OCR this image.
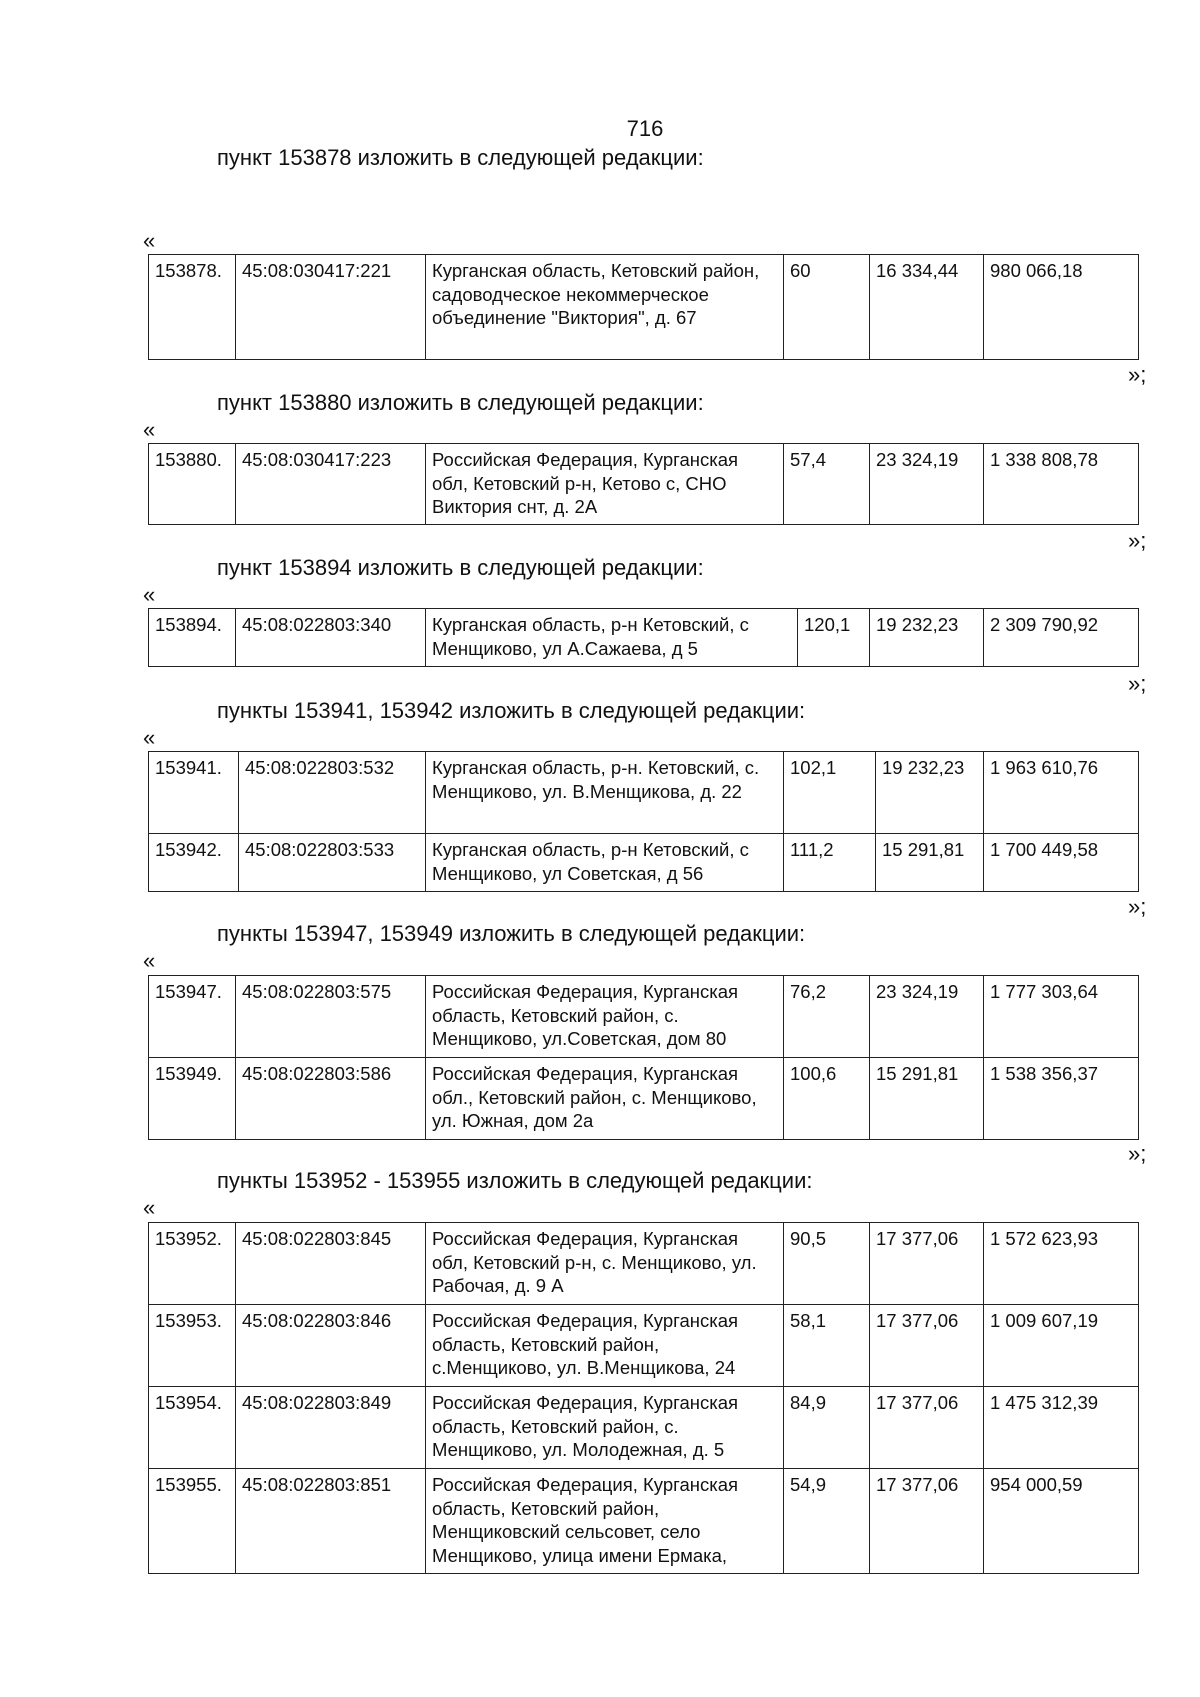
716
пункт 153878 изложить в следующей редакции:
«
153878.	45:08:030417:221	Курганская область, Кетовский район, садоводческое некоммерческое объединение "Виктория", д. 67	60	16 334,44	980 066,18
»;
пункт 153880 изложить в следующей редакции:
«
153880.	45:08:030417:223	Российская Федерация, Курганская обл, Кетовский р-н, Кетово с, СНО Виктория снт, д. 2А	57,4	23 324,19	1 338 808,78
»;
пункт 153894 изложить в следующей редакции:
«
153894.	45:08:022803:340	Курганская область, р-н Кетовский, с Менщиково, ул А.Сажаева, д 5	120,1	19 232,23	2 309 790,92
»;
пункты 153941, 153942 изложить в следующей редакции:
«
153941.	45:08:022803:532	Курганская область, р-н. Кетовский, с. Менщиково, ул. В.Менщикова, д. 22	102,1	19 232,23	1 963 610,76
153942.	45:08:022803:533	Курганская область, р-н Кетовский, с Менщиково, ул Советская, д 56	111,2	15 291,81	1 700 449,58
»;
пункты 153947, 153949 изложить в следующей редакции:
«
153947.	45:08:022803:575	Российская Федерация, Курганская область, Кетовский район, с. Менщиково, ул.Советская, дом 80	76,2	23 324,19	1 777 303,64
153949.	45:08:022803:586	Российская Федерация, Курганская обл., Кетовский район, с. Менщиково, ул. Южная, дом 2а	100,6	15 291,81	1 538 356,37
»;
пункты 153952 - 153955 изложить в следующей редакции:
«
153952.	45:08:022803:845	Российская Федерация, Курганская обл, Кетовский р-н, с. Менщиково, ул. Рабочая, д. 9 А	90,5	17 377,06	1 572 623,93
153953.	45:08:022803:846	Российская Федерация, Курганская область, Кетовский район, с.Менщиково, ул. В.Менщикова, 24	58,1	17 377,06	1 009 607,19
153954.	45:08:022803:849	Российская Федерация, Курганская область, Кетовский район, с. Менщиково, ул. Молодежная, д. 5	84,9	17 377,06	1 475 312,39
153955.	45:08:022803:851	Российская Федерация, Курганская область, Кетовский район, Менщиковский сельсовет, село Менщиково, улица имени Ермака,	54,9	17 377,06	954 000,59
